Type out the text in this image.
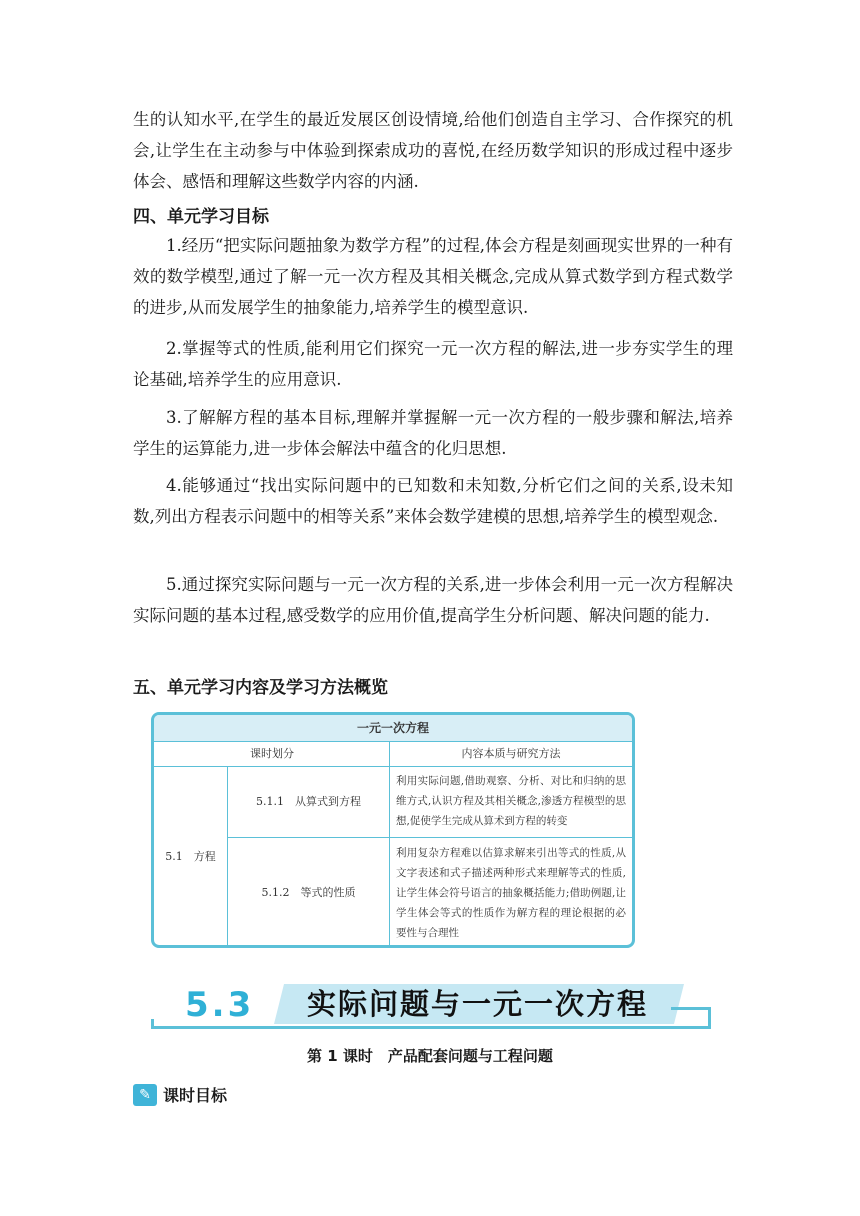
生的认知水平,在学生的最近发展区创设情境,给他们创造自主学习、合作探究的机会,让学生在主动参与中体验到探索成功的喜悦,在经历数学知识的形成过程中逐步体会、感悟和理解这些数学内容的内涵.

四、单元学习目标

1.经历“把实际问题抽象为数学方程”的过程,体会方程是刻画现实世界的一种有效的数学模型,通过了解一元一次方程及其相关概念,完成从算式数学到方程式数学的进步,从而发展学生的抽象能力,培养学生的模型意识.

2.掌握等式的性质,能利用它们探究一元一次方程的解法,进一步夯实学生的理论基础,培养学生的应用意识.

3.了解解方程的基本目标,理解并掌握解一元一次方程的一般步骤和解法,培养学生的运算能力,进一步体会解法中蕴含的化归思想.

4.能够通过“找出实际问题中的已知数和未知数,分析它们之间的关系,设未知数,列出方程表示问题中的相等关系”来体会数学建模的思想,培养学生的模型观念.

5.通过探究实际问题与一元一次方程的关系,进一步体会利用一元一次方程解决实际问题的基本过程,感受数学的应用价值,提高学生分析问题、解决问题的能力.

五、单元学习内容及学习方法概览
一元一次方程
课时划分	内容本质与研究方法
5.1　方程
5.1.1　从算式到方程
利用实际问题,借助观察、分析、对比和归纳的思维方式,认识方程及其相关概念,渗透方程模型的思想,促使学生完成从算术到方程的转变
5.1.2　等式的性质
利用复杂方程难以估算求解来引出等式的性质,从文字表述和式子描述两种形式来理解等式的性质,让学生体会符号语言的抽象概括能力;借助例题,让学生体会等式的性质作为解方程的理论根据的必要性与合理性
5.3 实际问题与一元一次方程
第 1 课时　产品配套问题与工程问题
✎ 课时目标
